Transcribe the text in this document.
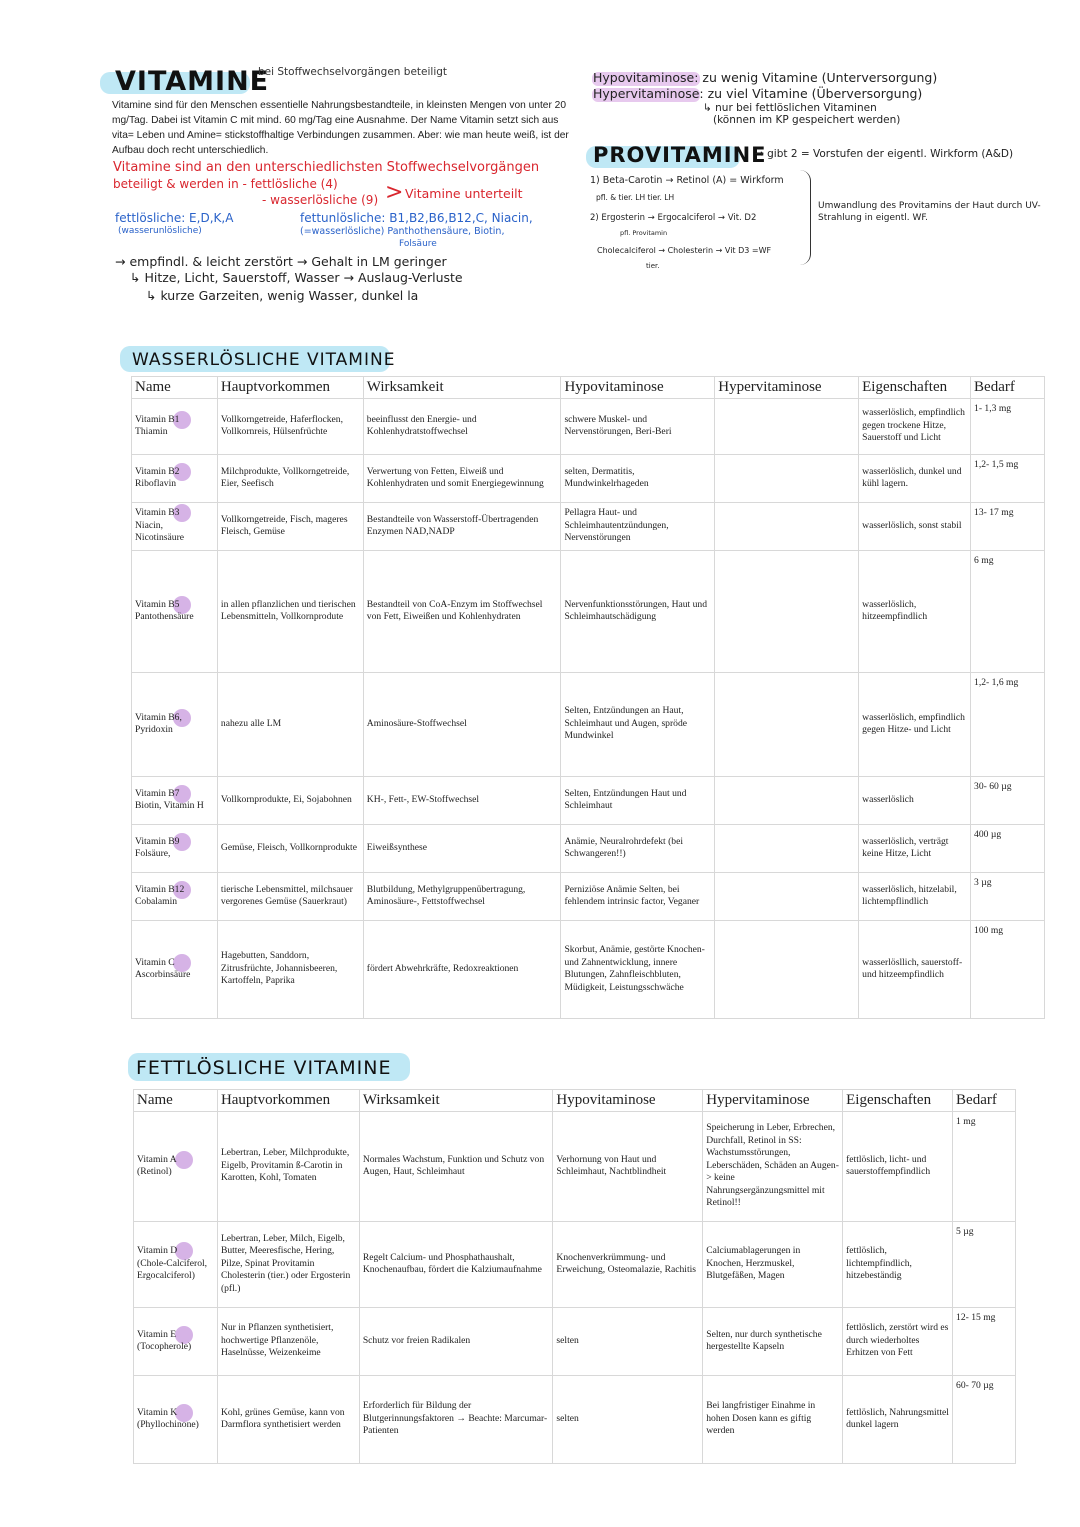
VITAMINE
bei Stoffwechselvorgängen beteiligt
Vitamine sind für den Menschen essentielle Nahrungsbestandteile, in kleinsten Mengen von unter 20 mg/Tag. Dabei ist Vitamin C mit mind. 60 mg/Tag eine Ausnahme. Der Name Vitamin setzt sich aus vita= Leben und Amine= stickstoffhaltige Verbindungen zusammen. Aber: wie man heute weiß, ist der Aufbau doch recht unterschiedlich.
Vitamine sind an den unterschiedlichsten Stoffwechselvorgängen
beteiligt & werden in - fettlösliche (4)
- wasserlösliche (9) > Vitamine unterteilt
fettlösliche: E,D,K,A
(wasserunlösliche)
fettunlösliche: B1,B2,B6,B12,C, Niacin,
(=wasserlösliche) Panthothensäure, Biotin,
Folsäure
→ empfindl. & leicht zerstört → Gehalt in LM geringer
↳ Hitze, Licht, Sauerstoff, Wasser → Auslaug-Verluste
↳ kurze Garzeiten, wenig Wasser, dunkel la
Hypovitaminose: zu wenig Vitamine (Unterversorgung)
Hypervitaminose: zu viel Vitamine (Überversorgung)
↳ nur bei fettlöslichen Vitaminen
(können im KP gespeichert werden)
PROVITAMINE
→ gibt 2 = Vorstufen der eigentl. Wirkform (A&D)
1) Beta-Carotin → Retinol (A) = Wirkform
pfl. & tier. LH tier. LH
2) Ergosterin → Ergocalciferol → Vit. D2
pfl. Provitamin
Cholecalciferol → Cholesterin → Vit D3 =WF
tier.
Umwandlung des Provitamins der Haut durch UV-Strahlung in eigentl. WF.
WASSERLÖSLICHE VITAMINE
Name	Hauptvorkommen	Wirksamkeit	Hypovitaminose	Hypervitaminose	Eigenschaften	Bedarf

Vitamin B1
Thiamin	Vollkorngetreide, Haferflocken, Vollkornreis, Hülsenfrüchte	beeinflusst den Energie- und Kohlenhydratstoffwechsel	schwere Muskel- und Nervenstörungen, Beri-Beri		wasserlöslich, empfindlich gegen trockene Hitze, Sauerstoff und Licht	1- 1,3 mg

Vitamin B2
Riboflavin	Milchprodukte, Vollkorngetreide, Eier, Seefisch	Verwertung von Fetten, Eiweiß und Kohlenhydraten und somit Energiegewinnung	selten, Dermatitis, Mundwinkelrhageden		wasserlöslich, dunkel und kühl lagern.	1,2- 1,5 mg

Vitamin B3
Niacin, Nicotinsäure	Vollkorngetreide, Fisch, mageres Fleisch, Gemüse	Bestandteile von Wasserstoff-Übertragenden Enzymen NAD,NADP	Pellagra Haut- und Schleimhautentzündungen, Nervenstörungen		wasserlöslich, sonst stabil	13- 17 mg

Vitamin B5
Pantothensäure	in allen pflanzlichen und tierischen Lebensmitteln, Vollkornprodute	Bestandteil von CoA-Enzym im Stoffwechsel von Fett, Eiweißen und Kohlenhydraten	Nervenfunktionsstörungen, Haut und Schleimhautschädigung		wasserlöslich, hitzeempfindlich	6 mg

Vitamin B6,
Pyridoxin	nahezu alle LM	Aminosäure-Stoffwechsel	Selten, Entzündungen an Haut, Schleimhaut und Augen, spröde Mundwinkel		wasserlöslich, empfindlich gegen Hitze- und Licht	1,2- 1,6 mg

Vitamin B7
Biotin, Vitamin H	Vollkornprodukte, Ei, Sojabohnen	KH-, Fett-, EW-Stoffwechsel	Selten, Entzündungen Haut und Schleimhaut		wasserlöslich	30- 60 µg

Vitamin B9
Folsäure,	Gemüse, Fleisch, Vollkornprodukte	Eiweißsynthese	Anämie, Neuralrohrdefekt (bei Schwangeren!!)		wasserlöslich, verträgt keine Hitze, Licht	400 µg

Vitamin B12
Cobalamin	tierische Lebensmittel, milchsauer vergorenes Gemüse (Sauerkraut)	Blutbildung, Methylgruppenübertragung, Aminosäure-, Fettstoffwechsel	Perniziöse Anämie Selten, bei fehlendem intrinsic factor, Veganer		wasserlöslich, hitzelabil, lichtempflindlich	3 µg

Vitamin C
Ascorbinsäure	Hagebutten, Sanddorn, Zitrusfrüchte, Johannisbeeren, Kartoffeln, Paprika	fördert Abwehrkräfte, Redoxreaktionen	Skorbut, Anämie, gestörte Knochen- und Zahnentwicklung, innere Blutungen, Zahnfleischbluten, Müdigkeit, Leistungsschwäche		wasserlösllich, sauerstoff- und hitzeempfindlich	100 mg
FETTLÖSLICHE VITAMINE
Name	Hauptvorkommen	Wirksamkeit	Hypovitaminose	Hypervitaminose	Eigenschaften	Bedarf

Vitamin A
(Retinol)	Lebertran, Leber, Milchprodukte, Eigelb, Provitamin ß-Carotin in Karotten, Kohl, Tomaten	Normales Wachstum, Funktion und Schutz von Augen, Haut, Schleimhaut	Verhornung von Haut und Schleimhaut, Nachtblindheit	Speicherung in Leber, Erbrechen, Durchfall, Retinol in SS: Wachstumsstörungen, Leberschäden, Schäden an Augen-> keine Nahrungsergänzungsmittel mit Retinol!!	fettlöslich, licht- und sauerstoffempfindlich	1 mg

Vitamin D
(Chole-Calciferol, Ergocalciferol)	Lebertran, Leber, Milch, Eigelb, Butter, Meeresfische, Hering, Pilze, Spinat Provitamin Cholesterin (tier.) oder Ergosterin (pfl.)	Regelt Calcium- und Phosphathaushalt, Knochenaufbau, fördert die Kalziumaufnahme	Knochenverkrümmung- und Erweichung, Osteomalazie, Rachitis	Calciumablagerungen in Knochen, Herzmuskel, Blutgefäßen, Magen	fettlöslich, lichtempfindlich, hitzebeständig	5 µg

Vitamin E
(Tocopherole)	Nur in Pflanzen synthetisiert, hochwertige Pflanzenöle, Haselnüsse, Weizenkeime	Schutz vor freien Radikalen	selten	Selten, nur durch synthetische hergestellte Kapseln	fettlöslich, zerstört wird es durch wiederholtes Erhitzen von Fett	12- 15 mg

Vitamin K
(Phyllochinone)	Kohl, grünes Gemüse, kann von Darmflora synthetisiert werden	Erforderlich für Bildung der Blutgerinnungsfaktoren → Beachte: Marcumar-Patienten	selten	Bei langfristiger Einahme in hohen Dosen kann es giftig werden	fettlöslich, Nahrungsmittel dunkel lagern	60- 70 µg
